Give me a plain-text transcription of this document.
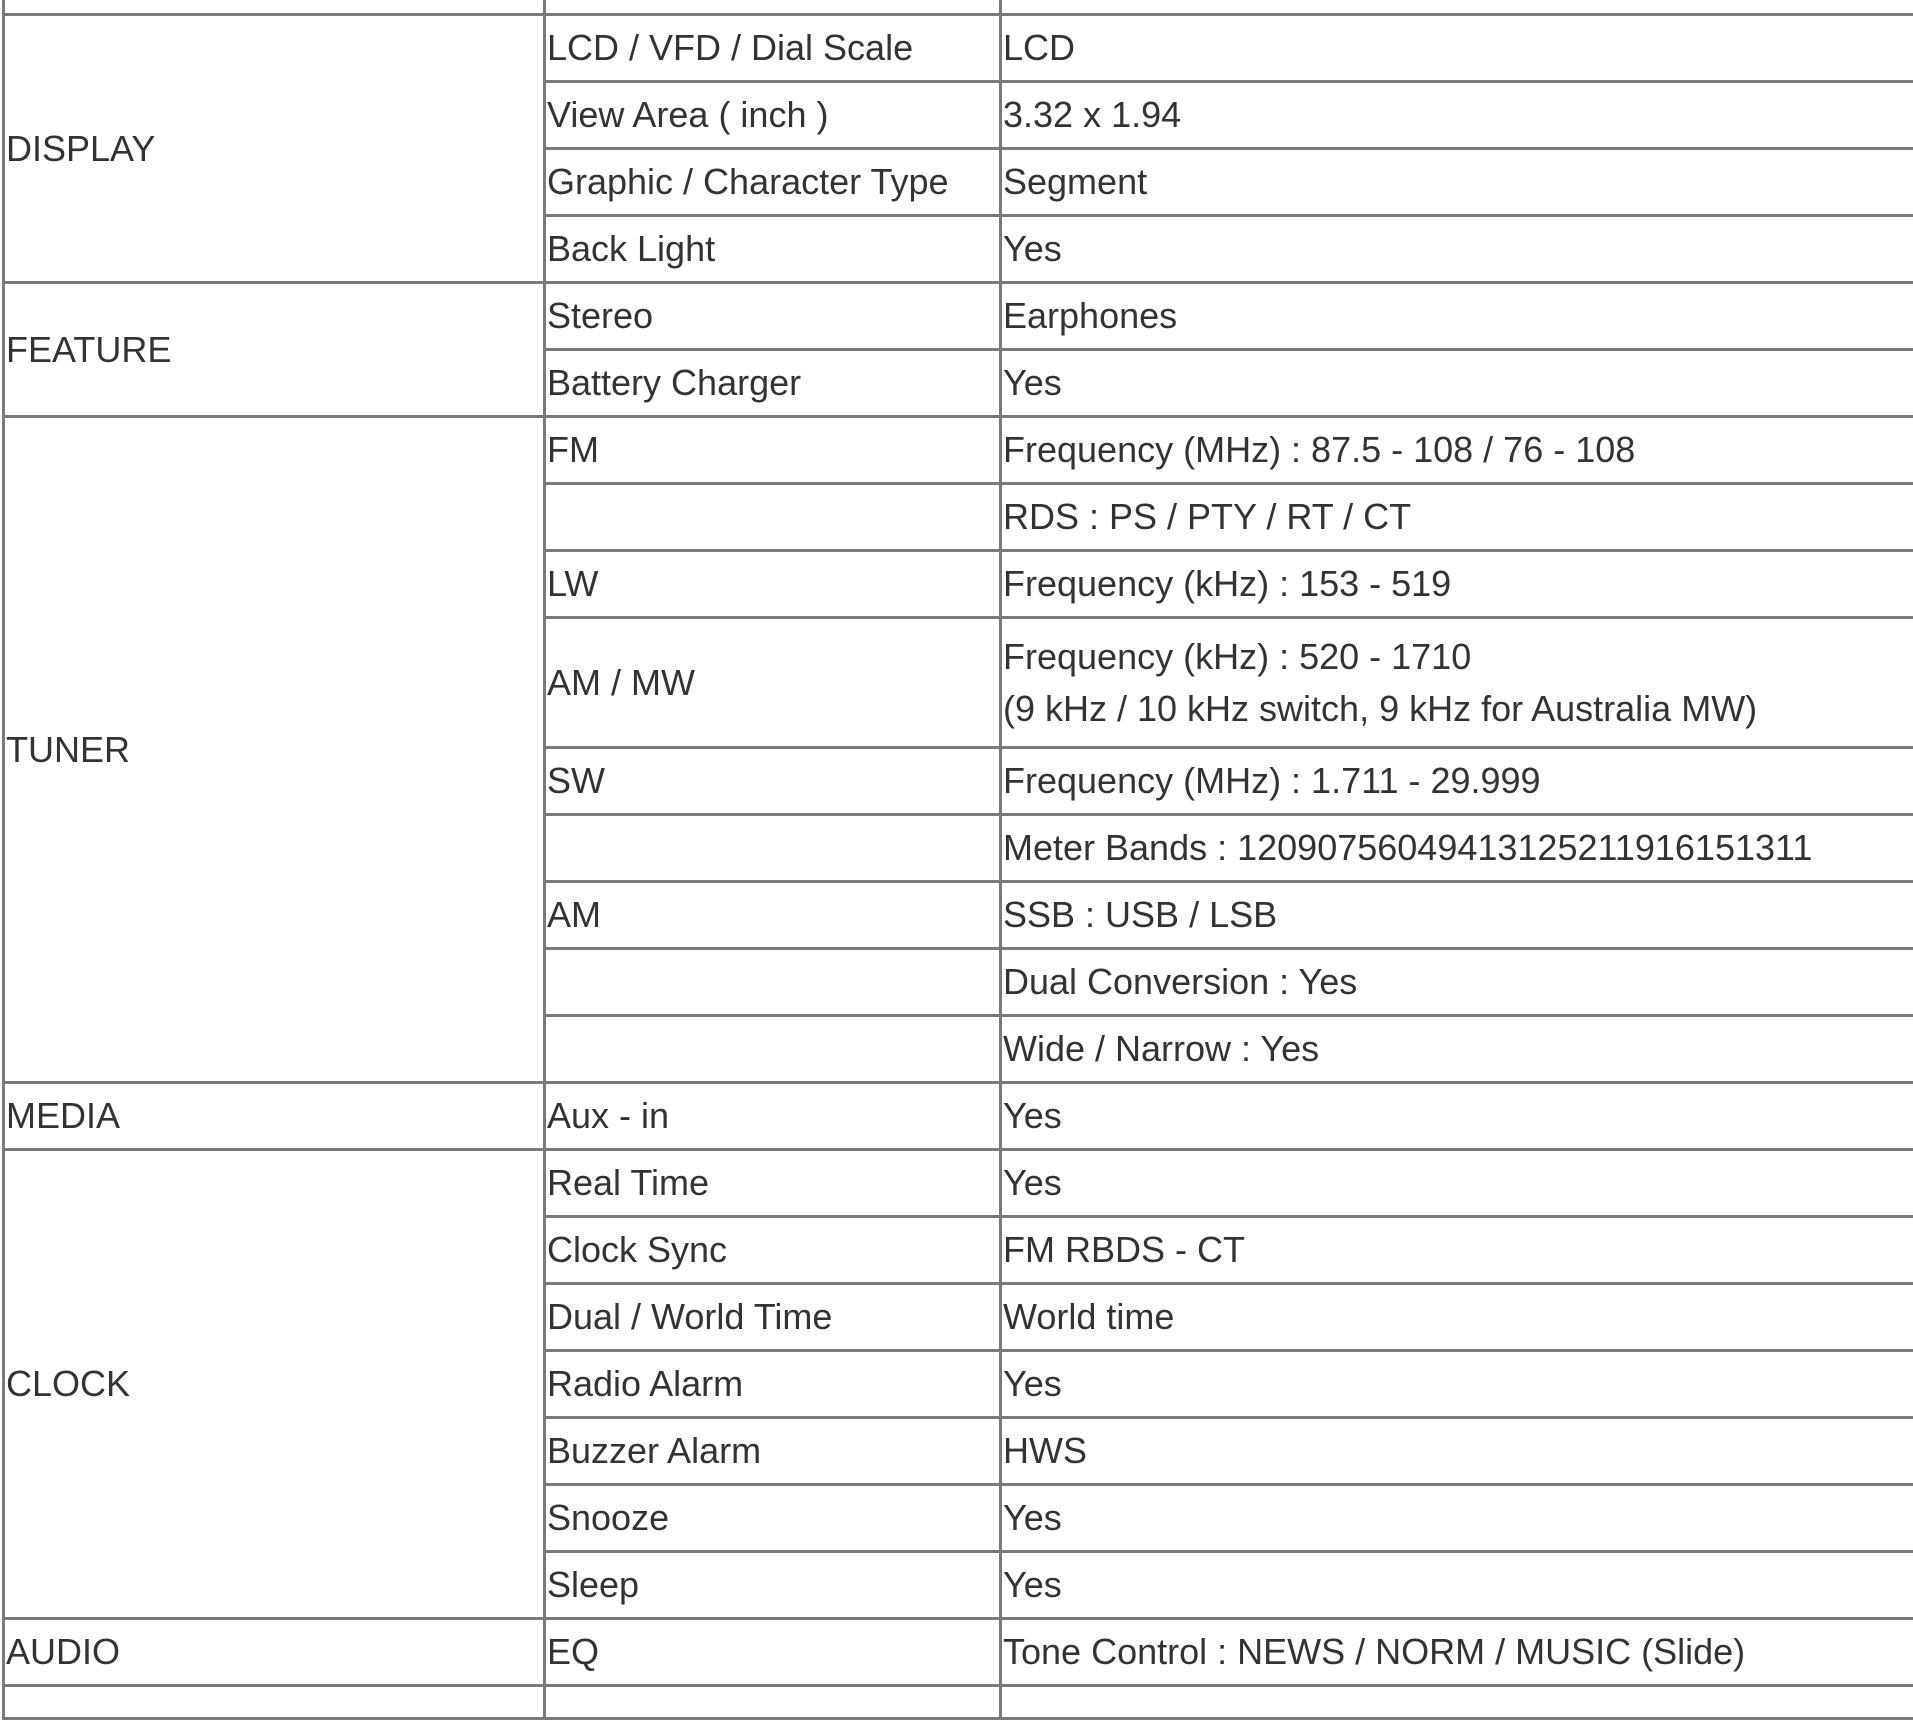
DISPLAY	LCD / VFD / Dial Scale	LCD
	View Area ( inch )	3.32 x 1.94
	Graphic / Character Type	Segment
	Back Light	Yes
FEATURE	Stereo	Earphones
	Battery Charger	Yes
TUNER	FM	Frequency (MHz) : 87.5 - 108 / 76 - 108
		RDS : PS / PTY / RT / CT
	LW	Frequency (kHz) : 153 - 519
	AM / MW	Frequency (kHz) : 520 - 1710
(9 kHz / 10 kHz switch, 9 kHz for Australia MW)

	SW	Frequency (MHz) : 1.711 - 29.999
		Meter Bands : 120907560494131252119161513​11
	AM	SSB : USB / LSB
		Dual Conversion : Yes
		Wide / Narrow : Yes
MEDIA	Aux - in	Yes
CLOCK	Real Time	Yes
	Clock Sync	FM RBDS - CT
	Dual / World Time	World time
	Radio Alarm	Yes
	Buzzer Alarm	HWS
	Snooze	Yes
	Sleep	Yes
AUDIO	EQ	Tone Control : NEWS / NORM / MUSIC (Slide)
